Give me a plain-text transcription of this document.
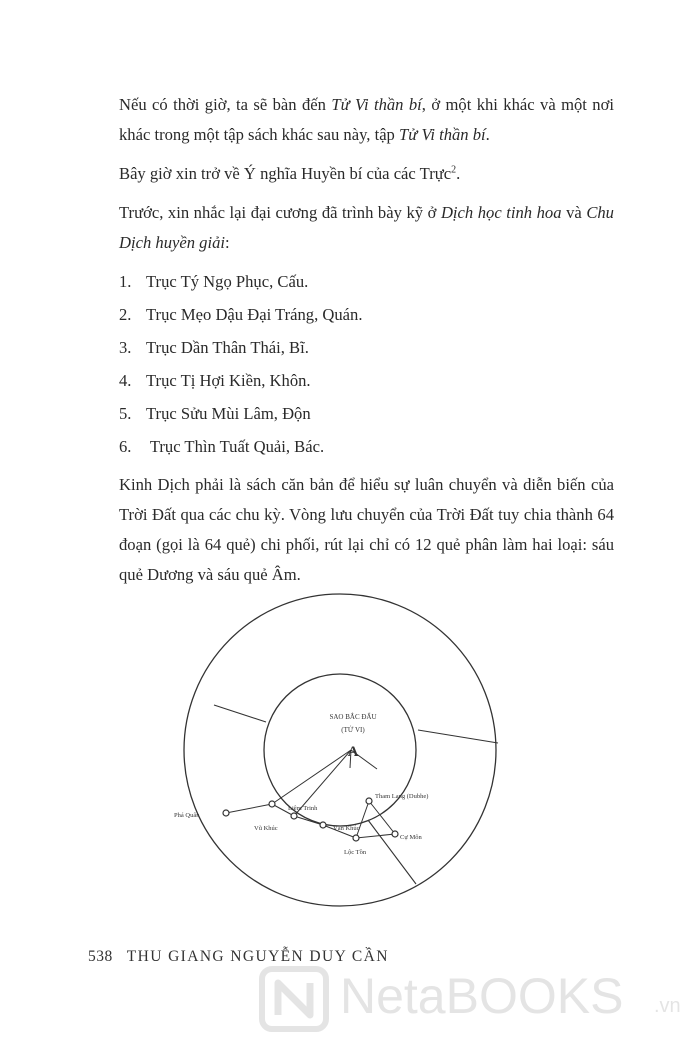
Nếu có thời giờ, ta sẽ bàn đến Tử Vi thần bí, ở một khi khác và một nơi khác trong một tập sách khác sau này, tập Tử Vi thần bí.

Bây giờ xin trở về Ý nghĩa Huyền bí của các Trực$^2$.

Trước, xin nhắc lại đại cương đã trình bày kỹ ở Dịch học tinh hoa và Chu Dịch huyền giải:

1. Trục Tý Ngọ Phục, Cấu.
2. Trục Mẹo Dậu Đại Tráng, Quán.
3. Trục Dần Thân Thái, Bĩ.
4. Trục Tị Hợi Kiền, Khôn.
5. Trục Sửu Mùi Lâm, Độn
6. Trục Thìn Tuất Quải, Bác.

Kinh Dịch phải là sách căn bản để hiểu sự luân chuyển và diễn biến của Trời Đất qua các chu kỳ. Vòng lưu chuyển của Trời Đất tuy chia thành 64 đoạn (gọi là 64 quẻ) chi phối, rút lại chỉ có 12 quẻ phân làm hai loại: sáu quẻ Dương và sáu quẻ Âm.

SAO BẮC ĐẨU
(TỬ VI)
A
Phá Quân
Vũ Khúc
Liêm Trinh
Văn Khúc
Tham Lang (Dubhe)
Cự Môn
Lộc Tồn
538 THU GIANG NGUYỄN DUY CẦN
NetaBOOKS .vn
